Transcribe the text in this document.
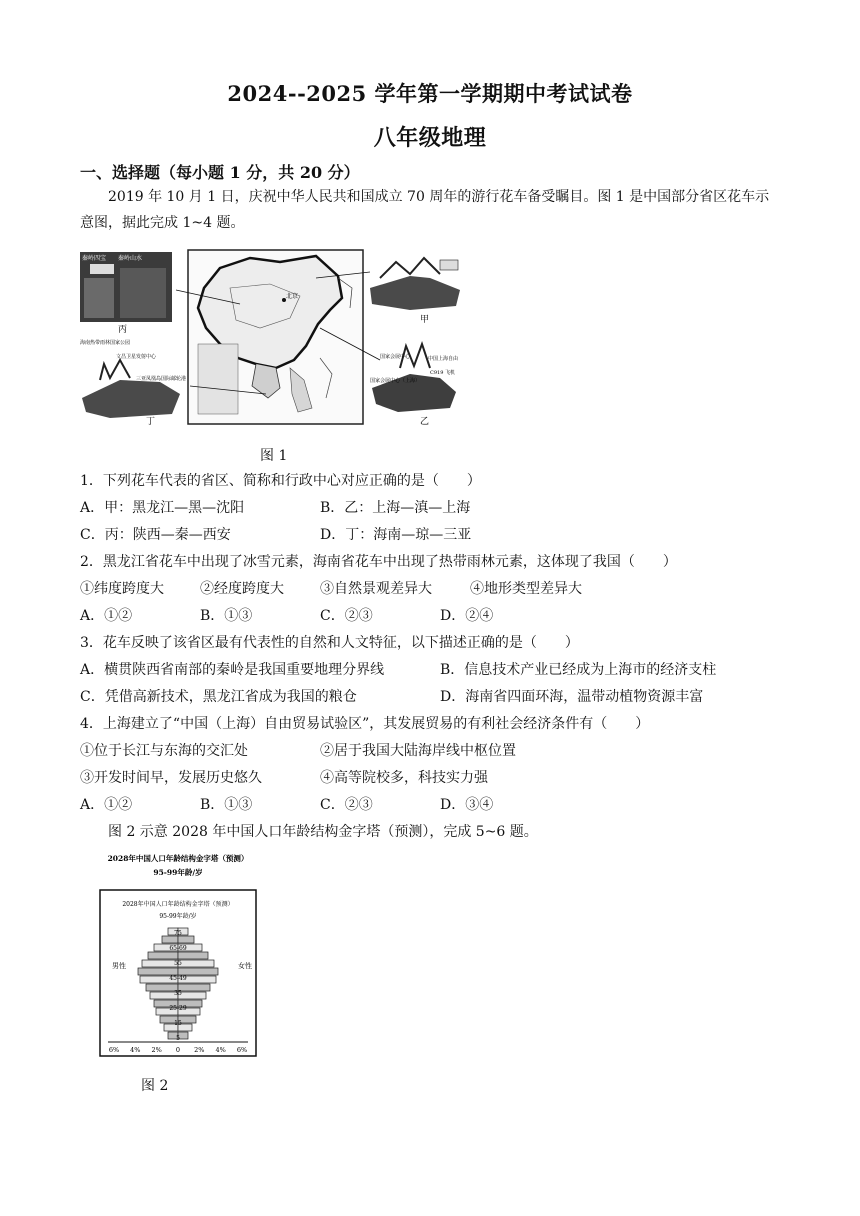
2024--2025 学年第一学期期中考试试卷
八年级地理
一、选择题（每小题 1 分，共 20 分）
2019 年 10 月 1 日，庆祝中华人民共和国成立 70 周年的游行花车备受瞩目。图 1 是中国部分省区花车示意图，据此完成 1~4 题。
秦岭四宝 秦岭山水
丙
北京
甲
国家会展中心	中国上海自由
C919 飞机
国家会展中心（上海）
乙
海南热带雨林国家公园
文昌卫星发射中心
三亚凤凰岛国际邮轮港
丁
图 1
1．下列花车代表的省区、简称和行政中心对应正确的是（　　）
A．甲：黑龙江—黑—沈阳	B．乙：上海—滇—上海
C．丙：陕西—秦—西安	D．丁：海南—琼—三亚
2．黑龙江省花车中出现了冰雪元素，海南省花车中出现了热带雨林元素，这体现了我国（　　）
①纬度跨度大	②经度跨度大	③自然景观差异大	④地形类型差异大
A．①②	B．①③	C．②③	D．②④
3．花车反映了该省区最有代表性的自然和人文特征，以下描述正确的是（　　）
A．横贯陕西省南部的秦岭是我国重要地理分界线	B．信息技术产业已经成为上海市的经济支柱
C．凭借高新技术，黑龙江省成为我国的粮仓	D．海南省四面环海，温带动植物资源丰富
4．上海建立了“中国（上海）自由贸易试验区”，其发展贸易的有利社会经济条件有（　　）
①位于长江与东海的交汇处	②居于我国大陆海岸线中枢位置
③开发时间早，发展历史悠久	④高等院校多，科技实力强
A．①②	B．①③	C．②③	D．③④
图 2 示意 2028 年中国人口年龄结构金字塔（预测），完成 5~6 题。
2028年中国人口年龄结构金字塔（预测）
95-99年龄/岁
2028年中国人口年龄结构金字塔（预测）
95-99年龄/岁
75
65-69
55
45-49
35
25-29
15
5
男性	女性
6% 4% 2% 0 2% 4% 6%
图 2
